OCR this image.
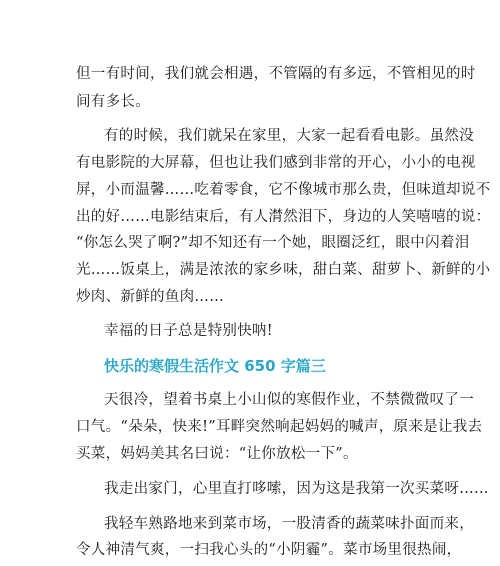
但一有时间，我们就会相遇，不管隔的有多远，不管相见的时
间有多长。
有的时候，我们就呆在家里，大家一起看看电影。虽然没
有电影院的大屏幕，但也让我们感到非常的开心，小小的电视
屏，小而温馨……吃着零食，它不像城市那么贵，但味道却说不
出的好……电影结束后，有人潸然泪下，身边的人笑嘻嘻的说：
“你怎么哭了啊?”却不知还有一个她，眼圈泛红，眼中闪着泪
光……饭桌上，满是浓浓的家乡味，甜白菜、甜萝卜、新鲜的小
炒肉、新鲜的鱼肉……
幸福的日子总是特别快呐!
快乐的寒假生活作文 650 字篇三
天很冷，望着书桌上小山似的寒假作业，不禁微微叹了一
口气。“朵朵，快来!”耳畔突然响起妈妈的喊声，原来是让我去
买菜，妈妈美其名曰说：“让你放松一下”。
我走出家门，心里直打哆嗦，因为这是我第一次买菜呀……
我轻车熟路地来到菜市场，一股清香的蔬菜味扑面而来，
令人神清气爽，一扫我心头的“小阴霾”。菜市场里很热闹，
